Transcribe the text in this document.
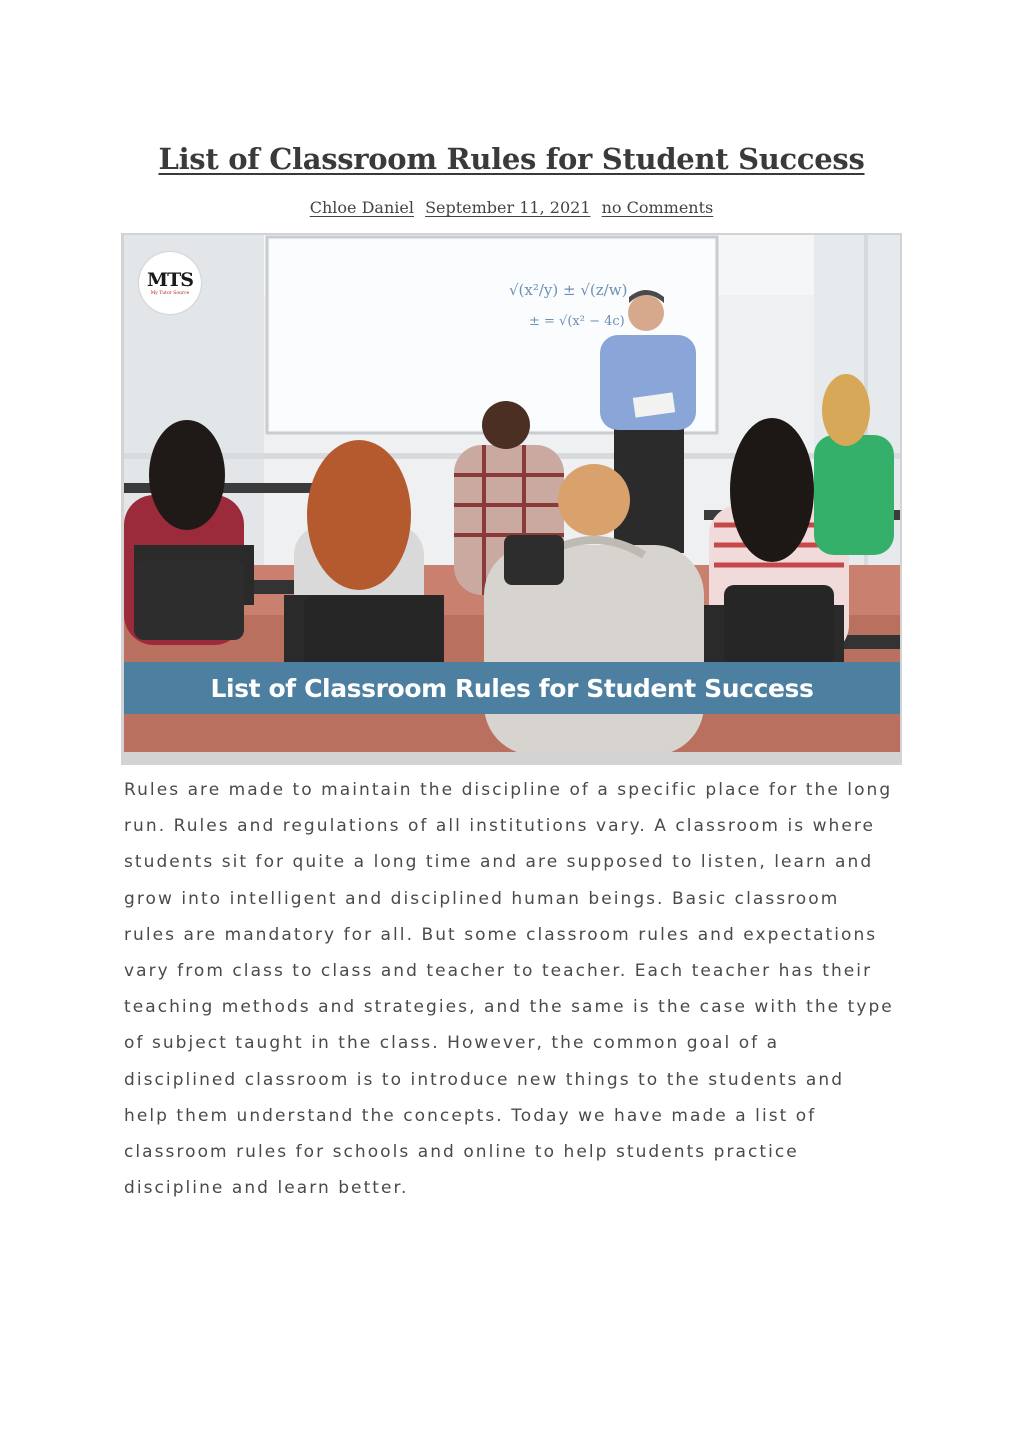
List of Classroom Rules for Student Success
Chloe Daniel September 11, 2021 no Comments
√(x²/y) ± √(z/w)
± = √(x² − 4c)
MTS
My Tutor Source
List of Classroom Rules for Student Success

Rules are made to maintain the discipline of a specific place for the long run. Rules and regulations of all institutions vary. A classroom is where students sit for quite a long time and are supposed to listen, learn and grow into intelligent and disciplined human beings. Basic classroom rules are mandatory for all. But some classroom rules and expectations vary from class to class and teacher to teacher. Each teacher has their teaching methods and strategies, and the same is the case with the type of subject taught in the class. However, the common goal of a disciplined classroom is to introduce new things to the students and help them understand the concepts. Today we have made a list of classroom rules for schools and online to help students practice discipline and learn better.
